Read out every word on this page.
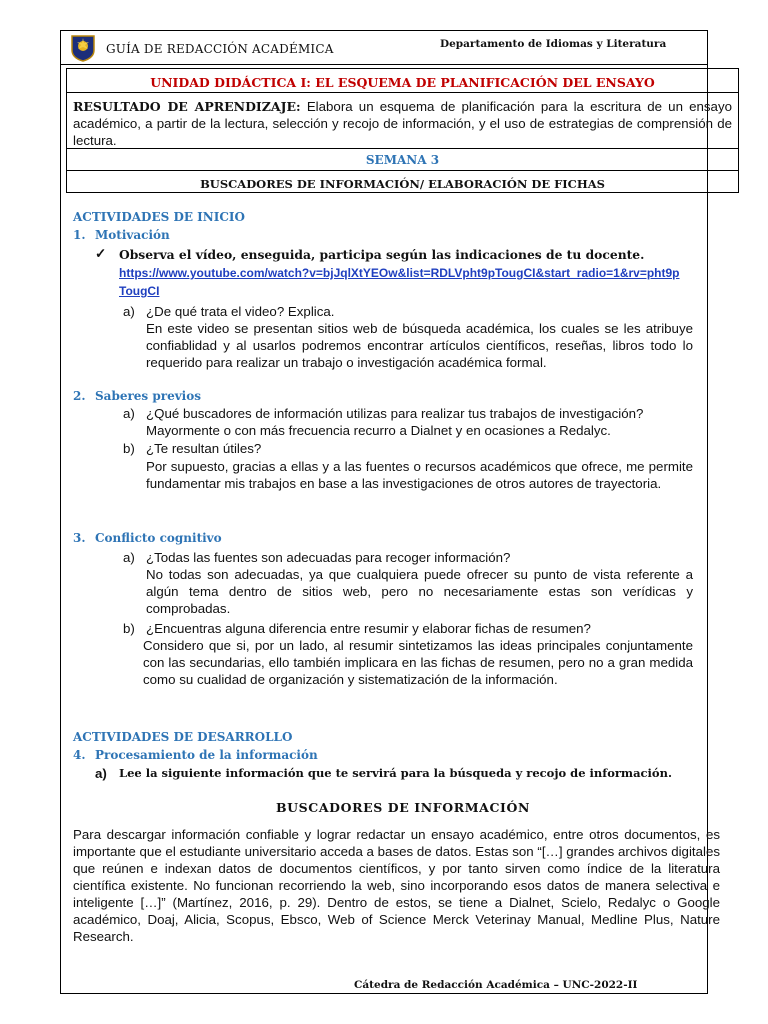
GUÍA DE REDACCIÓN ACADÉMICA	Departamento de Idiomas y Literatura
UNIDAD DIDÁCTICA I: EL ESQUEMA DE PLANIFICACIÓN DEL ENSAYO
RESULTADO DE APRENDIZAJE: Elabora un esquema de planificación para la escritura de un ensayo académico, a partir de la lectura, selección y recojo de información, y el uso de estrategias de comprensión de lectura.
SEMANA 3
BUSCADORES DE INFORMACIÓN/ ELABORACIÓN DE FICHAS
ACTIVIDADES DE INICIO
1. Motivación
✓ Observa el vídeo, enseguida, participa según las indicaciones de tu docente.
https://www.youtube.com/watch?v=bjJqlXtYEOw&list=RDLVpht9pTougCI&start_radio=1&rv=pht9p
TougCI
a) ¿De qué trata el video? Explica.
En este video se presentan sitios web de búsqueda académica, los cuales se les atribuye confiablidad y al usarlos podremos encontrar artículos científicos, reseñas, libros todo lo requerido para realizar un trabajo o investigación académica formal.
2. Saberes previos
a) ¿Qué buscadores de información utilizas para realizar tus trabajos de investigación?
Mayormente o con más frecuencia recurro a Dialnet y en ocasiones a Redalyc.
b) ¿Te resultan útiles?
Por supuesto, gracias a ellas y a las fuentes o recursos académicos que ofrece, me permite fundamentar mis trabajos en base a las investigaciones de otros autores de trayectoria.
3. Conflicto cognitivo
a) ¿Todas las fuentes son adecuadas para recoger información?
No todas son adecuadas, ya que cualquiera puede ofrecer su punto de vista referente a algún tema dentro de sitios web, pero no necesariamente estas son verídicas y comprobadas.
b) ¿Encuentras alguna diferencia entre resumir y elaborar fichas de resumen?
Considero que si, por un lado, al resumir sintetizamos las ideas principales conjuntamente con las secundarias, ello también implicara en las fichas de resumen, pero no a gran medida como su cualidad de organización y sistematización de la información.
ACTIVIDADES DE DESARROLLO
4. Procesamiento de la información
a) Lee la siguiente información que te servirá para la búsqueda y recojo de información.
BUSCADORES DE INFORMACIÓN
Para descargar información confiable y lograr redactar un ensayo académico, entre otros documentos, es importante que el estudiante universitario acceda a bases de datos. Estas son “[…] grandes archivos digitales que reúnen e indexan datos de documentos científicos, y por tanto sirven como índice de la literatura científica existente. No funcionan recorriendo la web, sino incorporando esos datos de manera selectiva e inteligente […]” (Martínez, 2016, p. 29). Dentro de estos, se tiene a Dialnet, Scielo, Redalyc o Google académico, Doaj, Alicia, Scopus, Ebsco, Web of Science Merck Veterinay Manual, Medline Plus, Nature Research.
Cátedra de Redacción Académica – UNC-2022-II
